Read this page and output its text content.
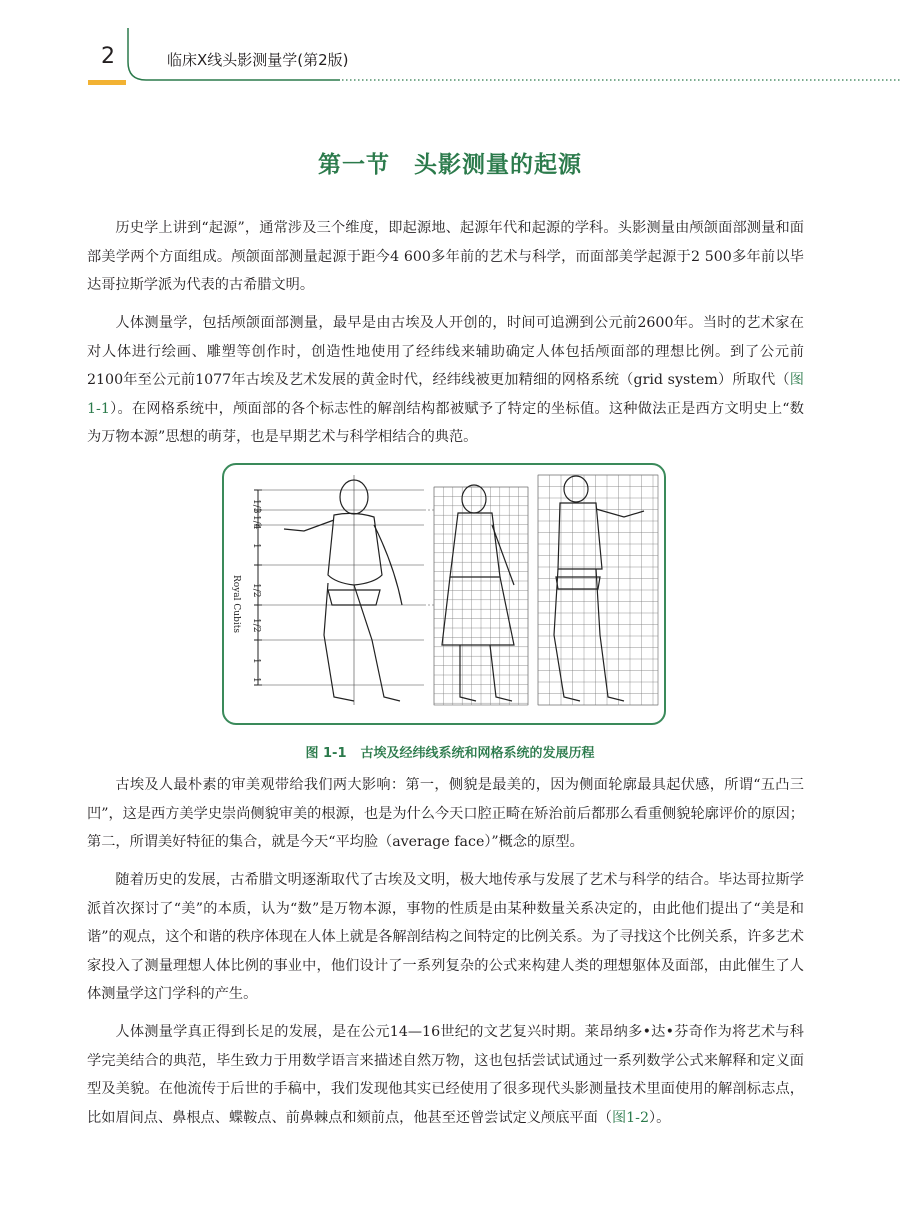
2	临床X线头影测量学(第2版)
第一节　头影测量的起源

历史学上讲到“起源”，通常涉及三个维度，即起源地、起源年代和起源的学科。头影测量由颅颌面部测量和面部美学两个方面组成。颅颌面部测量起源于距今4 600多年前的艺术与科学，而面部美学起源于2 500多年前以毕达哥拉斯学派为代表的古希腊文明。

人体测量学，包括颅颌面部测量，最早是由古埃及人开创的，时间可追溯到公元前2600年。当时的艺术家在对人体进行绘画、雕塑等创作时，创造性地使用了经纬线来辅助确定人体包括颅面部的理想比例。到了公元前2100年至公元前1077年古埃及艺术发展的黄金时代，经纬线被更加精细的网格系统（grid system）所取代（图1-1）。在网格系统中，颅面部的各个标志性的解剖结构都被赋予了特定的坐标值。这种做法正是西方文明史上“数为万物本源”思想的萌芽，也是早期艺术与科学相结合的典范。

1/3
1/4
1
1/2
1/2
1
1
Royal Cubits
图 1-1 古埃及经纬线系统和网格系统的发展历程

古埃及人最朴素的审美观带给我们两大影响：第一，侧貌是最美的，因为侧面轮廓最具起伏感，所谓“五凸三凹”，这是西方美学史崇尚侧貌审美的根源，也是为什么今天口腔正畸在矫治前后都那么看重侧貌轮廓评价的原因；第二，所谓美好特征的集合，就是今天“平均脸（average face）”概念的原型。

随着历史的发展，古希腊文明逐渐取代了古埃及文明，极大地传承与发展了艺术与科学的结合。毕达哥拉斯学派首次探讨了“美”的本质，认为“数”是万物本源，事物的性质是由某种数量关系决定的，由此他们提出了“美是和谐”的观点，这个和谐的秩序体现在人体上就是各解剖结构之间特定的比例关系。为了寻找这个比例关系，许多艺术家投入了测量理想人体比例的事业中，他们设计了一系列复杂的公式来构建人类的理想躯体及面部，由此催生了人体测量学这门学科的产生。

人体测量学真正得到长足的发展，是在公元14—16世纪的文艺复兴时期。莱昂纳多•达•芬奇作为将艺术与科学完美结合的典范，毕生致力于用数学语言来描述自然万物，这也包括尝试试通过一系列数学公式来解释和定义面型及美貌。在他流传于后世的手稿中，我们发现他其实已经使用了很多现代头影测量技术里面使用的解剖标志点，比如眉间点、鼻根点、蝶鞍点、前鼻棘点和颏前点，他甚至还曾尝试定义颅底平面（图1-2）。
